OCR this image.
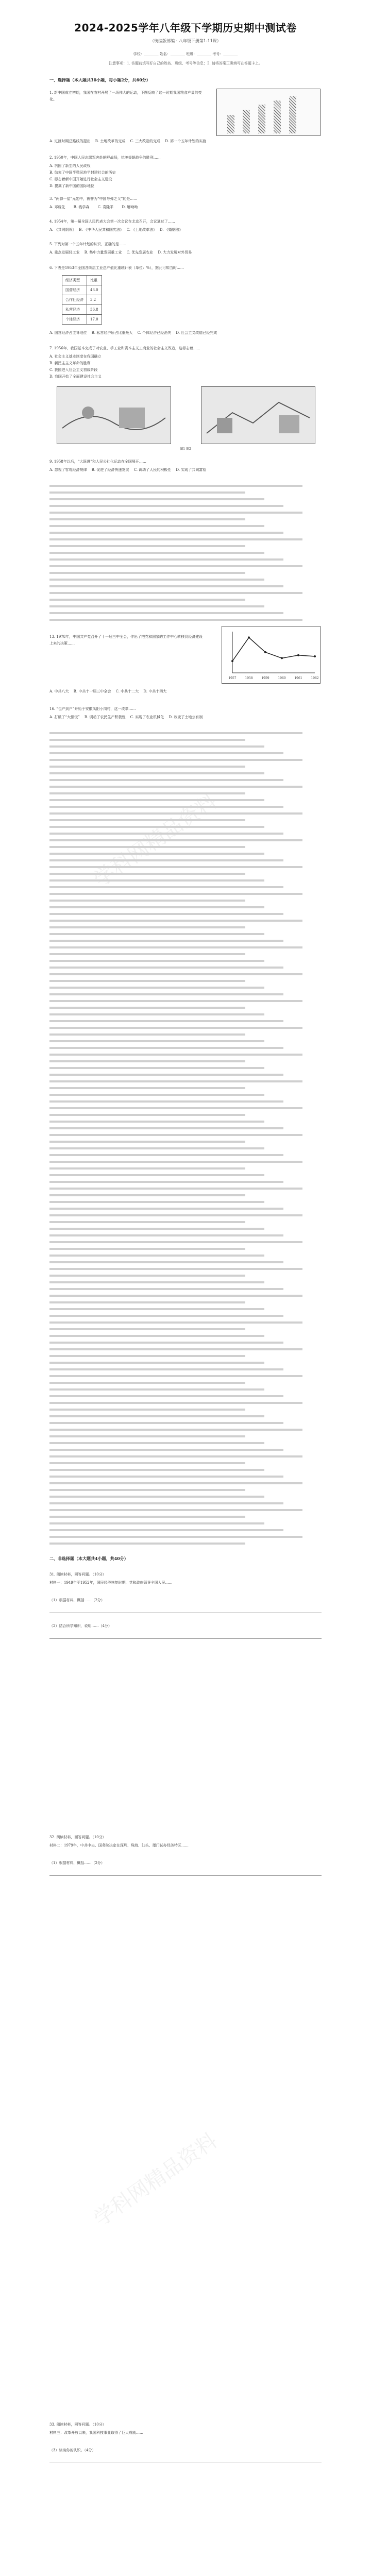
学科网精品资料
2024-2025学年八年级下学期历史期中测试卷
（统编版部编 · 八年级下册第1-11课）
学校：________ 姓名：________ 班级：________ 考号：________
注意事项：1. 答题前填写好自己的姓名、班级、考号等信息；2. 请将答案正确填写在答题卡上。
一、选择题（本大题共30小题，每小题2分，共60分）
1. 新中国成立初期，我国在农村开展了一场伟大的运动，下图反映了这一时期我国粮食产量的变化。
A. 过渡时期总路线的提出　 B. 土地改革的完成　 C. 三大改造的完成　 D. 第一个五年计划的实施
2. 1950年，中国人民志愿军奔赴朝鲜战场，抗美援朝战争的胜利……
A. 巩固了新生的人民政权
B. 结束了中国半殖民地半封建社会的历史
C. 标志着新中国开始进行社会主义建设
D. 提高了新中国的国际地位
3. “两弹一星”元勋中，被誉为“中国导弹之父”的是……
A. 邓稼先　　 B. 钱学森　　 C. 袁隆平　　 D. 屠呦呦
4. 1954年，第一届全国人民代表大会第一次会议在北京召开，会议通过了……
A. 《共同纲领》　 B. 《中华人民共和国宪法》　 C. 《土地改革法》　 D. 《婚姻法》
5. 下列对第一个五年计划的认识，正确的是……
A. 重点发展轻工业　 B. 集中力量发展重工业　 C. 优先发展农业　 D. 大力发展对外贸易
6. 下表是1953年全国各阶层工业总产值比重统计表（单位：%），据此可知当时……
经济类型	比重
国营经济	43.0
合作社经济	3.2
私营经济	36.8
个体经济	17.0
A. 国营经济占主导地位　 B. 私营经济所占比重最大　 C. 个体经济已经消失　 D. 社会主义改造已经完成
7. 1956年，我国基本完成了对农业、手工业和资本主义工商业的社会主义改造，这标志着……
A. 社会主义基本制度在我国确立
B. 新民主主义革命的胜利
C. 我国进入社会主义初级阶段
D. 我国开始了全面建设社会主义
图1 图2
9. 1958年以后，“大跃进”和人民公社化运动在全国展开……
A. 忽视了客观经济规律　 B. 促进了经济快速发展　 C. 调动了人民的积极性　 D. 实现了共同富裕
13. 1978年，中国共产党召开了十一届三中全会，作出了把党和国家的工作中心转移到经济建设上来的决策……
1957	1958	1959	1960	1961	1962
A. 中共八大　 B. 中共十一届三中全会　 C. 中共十二大　 D. 中共十四大
16. “包产到户”开始于安徽凤阳小岗村，这一改革……
A. 打破了“大锅饭”　 B. 调动了农民生产积极性　 C. 实现了农业机械化　 D. 改变了土地公有制
二、非选择题（本大题共4小题，共40分）
31. 阅读材料，回答问题。（10分）
材料一：1949年至1952年，国民经济恢复时期，党和政府领导全国人民……
（1）根据材料，概括……（2分）
（2）结合所学知识，说明……（4分）
32. 阅读材料，回答问题。（10分）
材料二：1979年，中共中央、国务院决定在深圳、珠海、汕头、厦门试办经济特区……
（1）根据材料，概括……（2分）
33. 阅读材料，回答问题。（10分）
材料三：改革开放以来，我国科技事业取得了巨大成就……
（3）谈谈你的认识。（4分）
